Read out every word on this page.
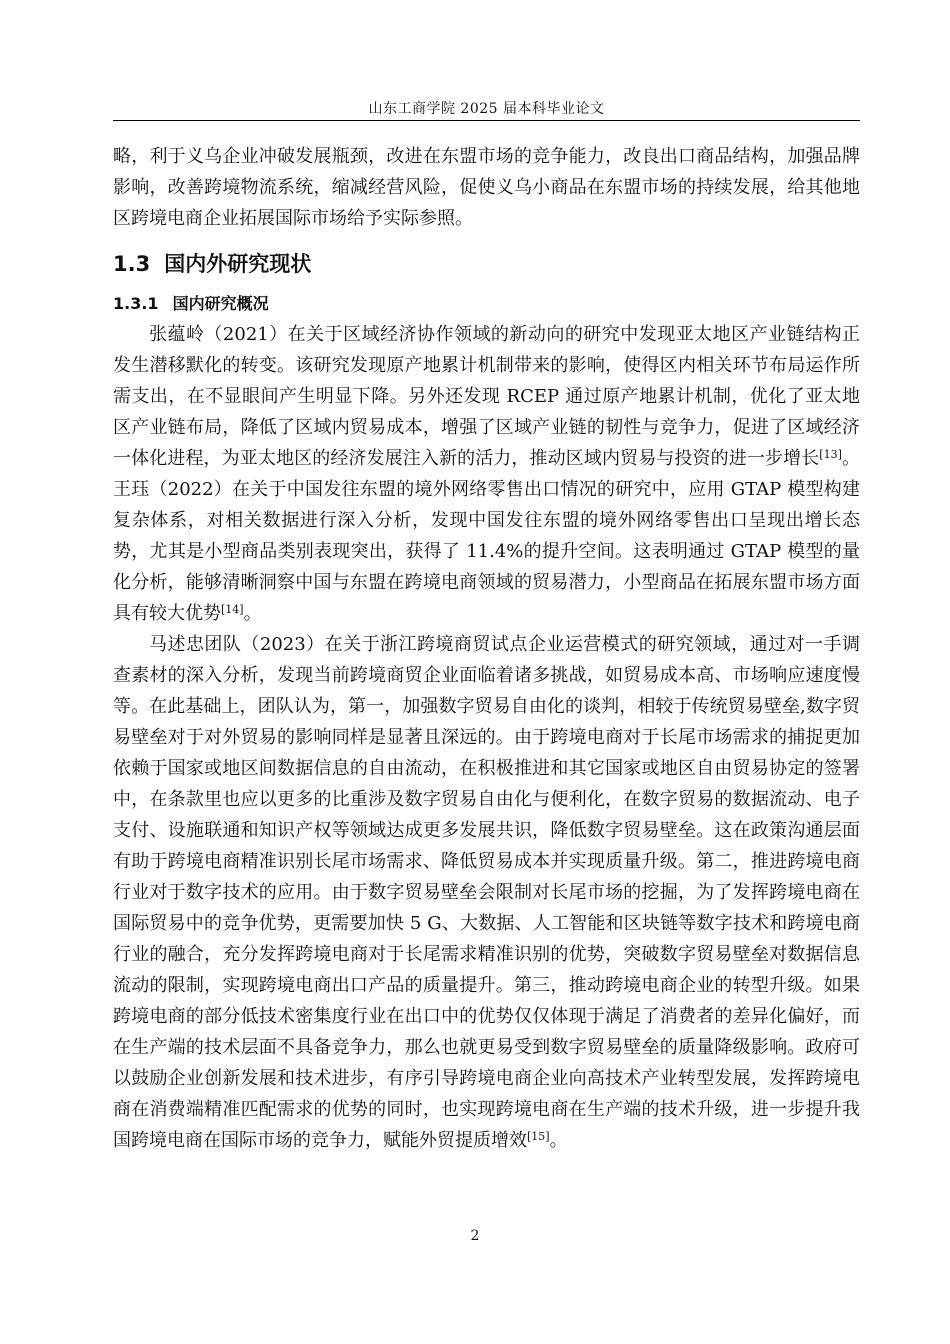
山东工商学院 2025 届本科毕业论文

略，利于义乌企业冲破发展瓶颈，改进在东盟市场的竞争能力，改良出口商品结构，加强品牌影响，改善跨境物流系统，缩减经营风险，促使义乌小商品在东盟市场的持续发展，给其他地区跨境电商企业拓展国际市场给予实际参照。

1.3 国内外研究现状
1.3.1 国内研究概况

张蕴岭（2021）在关于区域经济协作领域的新动向的研究中发现亚太地区产业链结构正发生潜移默化的转变。该研究发现原产地累计机制带来的影响，使得区内相关环节布局运作所需支出，在不显眼间产生明显下降。另外还发现 RCEP 通过原产地累计机制，优化了亚太地区产业链布局，降低了区域内贸易成本，增强了区域产业链的韧性与竞争力，促进了区域经济一体化进程，为亚太地区的经济发展注入新的活力，推动区域内贸易与投资的进一步增长[13]。王珏（2022）在关于中国发往东盟的境外网络零售出口情况的研究中，应用 GTAP 模型构建复杂体系，对相关数据进行深入分析，发现中国发往东盟的境外网络零售出口呈现出增长态势，尤其是小型商品类别表现突出，获得了 11.4%的提升空间。这表明通过 GTAP 模型的量化分析，能够清晰洞察中国与东盟在跨境电商领域的贸易潜力，小型商品在拓展东盟市场方面具有较大优势[14]。

马述忠团队（2023）在关于浙江跨境商贸试点企业运营模式的研究领域，通过对一手调查素材的深入分析，发现当前跨境商贸企业面临着诸多挑战，如贸易成本高、市场响应速度慢等。在此基础上，团队认为，第一，加强数字贸易自由化的谈判，相较于传统贸易壁垒,数字贸易壁垒对于对外贸易的影响同样是显著且深远的。由于跨境电商对于长尾市场需求的捕捉更加依赖于国家或地区间数据信息的自由流动，在积极推进和其它国家或地区自由贸易协定的签署中，在条款里也应以更多的比重涉及数字贸易自由化与便利化，在数字贸易的数据流动、电子支付、设施联通和知识产权等领域达成更多发展共识，降低数字贸易壁垒。这在政策沟通层面有助于跨境电商精准识别长尾市场需求、降低贸易成本并实现质量升级。第二，推进跨境电商行业对于数字技术的应用。由于数字贸易壁垒会限制对长尾市场的挖掘，为了发挥跨境电商在国际贸易中的竞争优势，更需要加快 5 G、大数据、人工智能和区块链等数字技术和跨境电商行业的融合，充分发挥跨境电商对于长尾需求精准识别的优势，突破数字贸易壁垒对数据信息流动的限制，实现跨境电商出口产品的质量提升。第三，推动跨境电商企业的转型升级。如果跨境电商的部分低技术密集度行业在出口中的优势仅仅体现于满足了消费者的差异化偏好，而在生产端的技术层面不具备竞争力，那么也就更易受到数字贸易壁垒的质量降级影响。政府可以鼓励企业创新发展和技术进步，有序引导跨境电商企业向高技术产业转型发展，发挥跨境电商在消费端精准匹配需求的优势的同时，也实现跨境电商在生产端的技术升级，进一步提升我国跨境电商在国际市场的竞争力，赋能外贸提质增效[15]。

2
